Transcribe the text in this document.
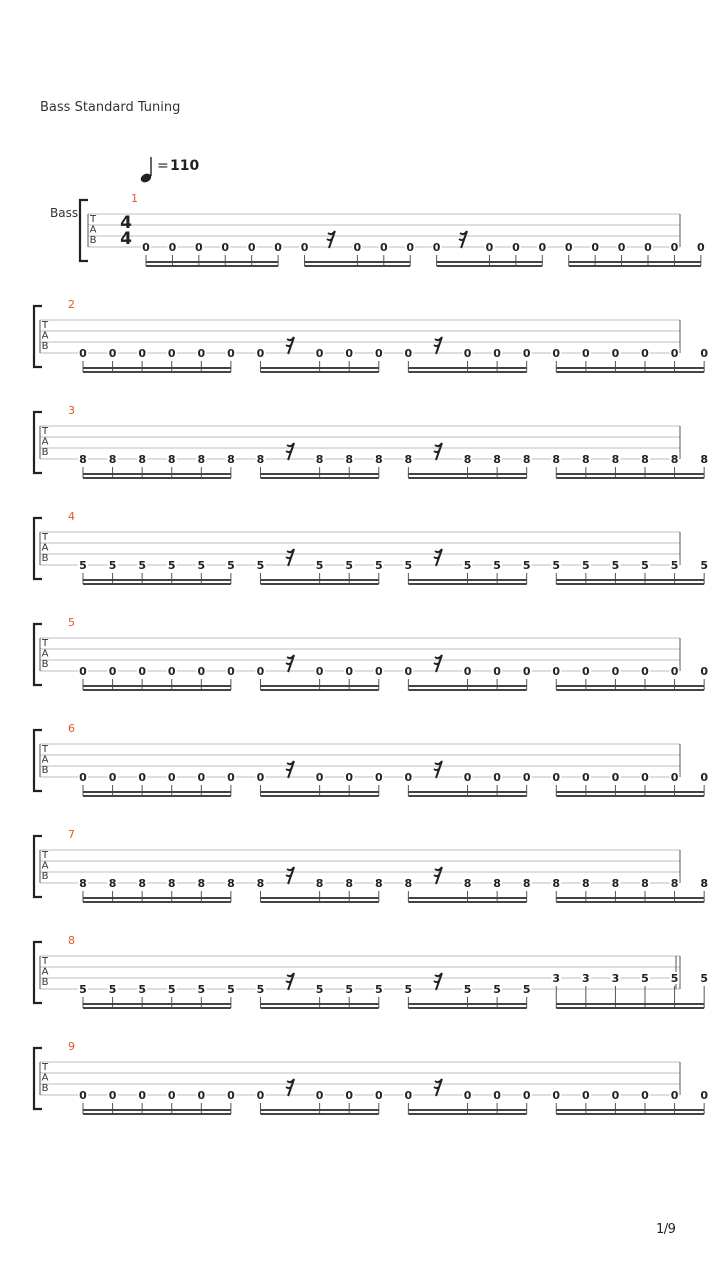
Bass Standard Tuning
= 110
Bass T
A
B
1
4
4 0 0 0 0 0 0 0	0 0 0 0	0 0 0 0 0 0 0 0 0
T
A
B
2
0 0 0 0 0 0 0	0 0 0 0	0 0 0 0 0 0 0 0 0
T
A
B
3
8 8 8 8 8 8 8	8 8 8 8	8 8 8 8 8 8 8 8 8
T
A
B
4
5 5 5 5 5 5 5	5 5 5 5	5 5 5 5 5 5 5 5 5
T
A
B
5
0 0 0 0 0 0 0	0 0 0 0	0 0 0 0 0 0 0 0 0
T
A
B
6
0 0 0 0 0 0 0	0 0 0 0	0 0 0 0 0 0 0 0 0
T
A
B
7
8 8 8 8 8 8 8	8 8 8 8	8 8 8 8 8 8 8 8 8
T
A
B
8
5 5 5 5 5 5 5	5 5 5 5	5 5 5
3 3 3 5 5 5
T
A
B
9
0 0 0 0 0 0 0	0 0 0 0	0 0 0 0 0 0 0 0 0
1/9
